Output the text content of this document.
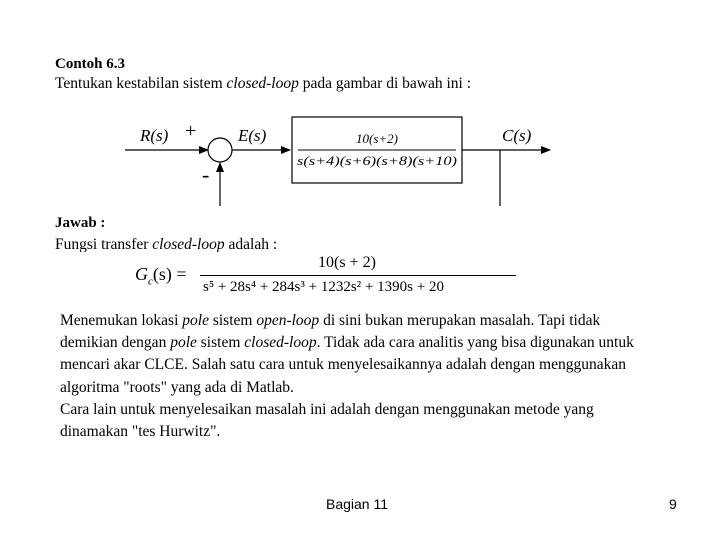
Contoh 6.3
Tentukan kestabilan sistem closed-loop pada gambar di bawah ini :
R(s) +
-
E(s)	10(s+2)
s(s+4)(s+6)(s+8)(s+10)
C(s)
Jawab :
Fungsi transfer closed-loop adalah :
$G_c(s)$ =
10(s + 2)
s⁵ + 28s⁴ + 284s³ + 1232s² + 1390s + 20

Menemukan lokasi pole sistem open-loop di sini bukan merupakan masalah. Tapi tidak demikian dengan pole sistem closed-loop. Tidak ada cara analitis yang bisa digunakan untuk mencari akar CLCE. Salah satu cara untuk menyelesaikannya adalah dengan menggunakan algoritma "roots" yang ada di Matlab.

Cara lain untuk menyelesaikan masalah ini adalah dengan menggunakan metode yang dinamakan "tes Hurwitz".

Bagian 11	9
